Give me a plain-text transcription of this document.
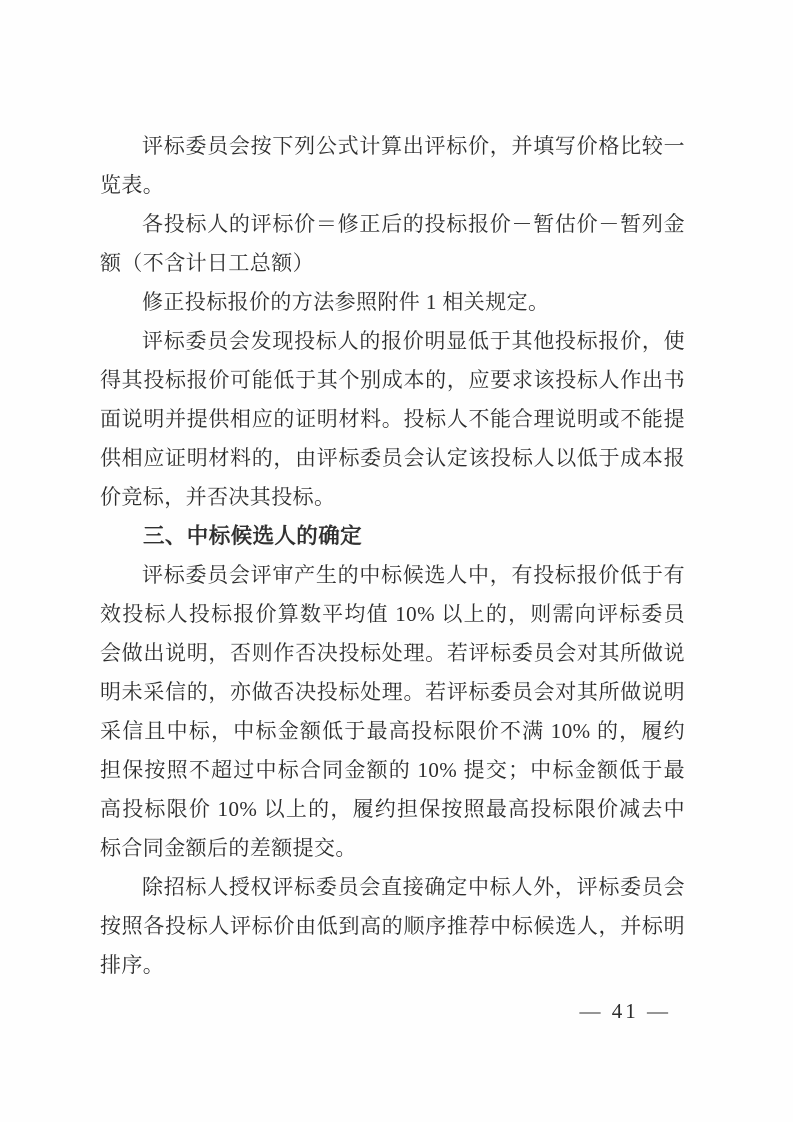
评标委员会按下列公式计算出评标价，并填写价格比较一览表。

各投标人的评标价＝修正后的投标报价－暂估价－暂列金额（不含计日工总额）

修正投标报价的方法参照附件 1 相关规定。

评标委员会发现投标人的报价明显低于其他投标报价，使得其投标报价可能低于其个别成本的，应要求该投标人作出书面说明并提供相应的证明材料。投标人不能合理说明或不能提供相应证明材料的，由评标委员会认定该投标人以低于成本报价竞标，并否决其投标。

三、中标候选人的确定

评标委员会评审产生的中标候选人中，有投标报价低于有效投标人投标报价算数平均值 10% 以上的，则需向评标委员会做出说明，否则作否决投标处理。若评标委员会对其所做说明未采信的，亦做否决投标处理。若评标委员会对其所做说明采信且中标，中标金额低于最高投标限价不满 10% 的，履约担保按照不超过中标合同金额的 10% 提交；中标金额低于最高投标限价 10% 以上的，履约担保按照最高投标限价减去中标合同金额后的差额提交。

除招标人授权评标委员会直接确定中标人外，评标委员会按照各投标人评标价由低到高的顺序推荐中标候选人，并标明排序。

— 41 —
